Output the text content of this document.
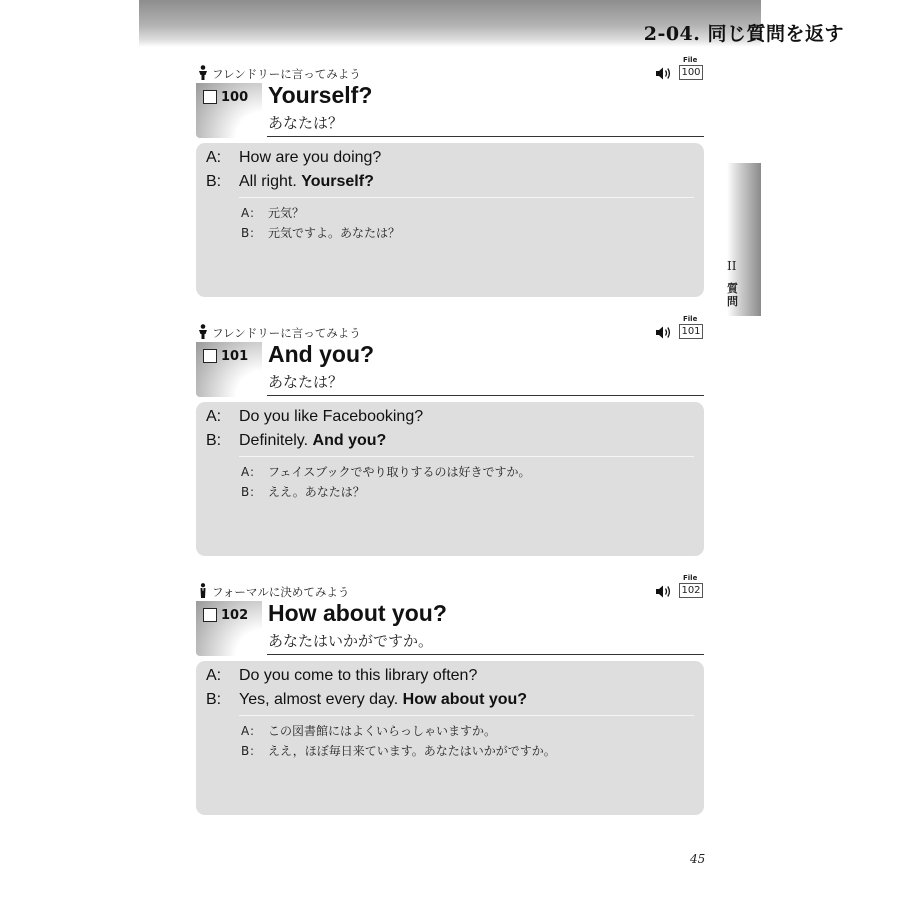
2-04. 同じ質問を返す
II
質問
フレンドリーに言ってみよう
File
100
100 Yourself?
あなたは？
A: How are you doing?
B: All right. Yourself?
A： 元気？
B： 元気ですよ。あなたは？
フレンドリーに言ってみよう
File
101
101 And you?
あなたは？
A: Do you like Facebooking?
B: Definitely. And you?
A： フェイスブックでやり取りするのは好きですか。
B： ええ。あなたは？
フォーマルに決めてみよう
File
102
102 How about you?
あなたはいかがですか。
A: Do you come to this library often?
B: Yes, almost every day. How about you?
A： この図書館にはよくいらっしゃいますか。
B： ええ，ほぼ毎日来ています。あなたはいかがですか。
45
